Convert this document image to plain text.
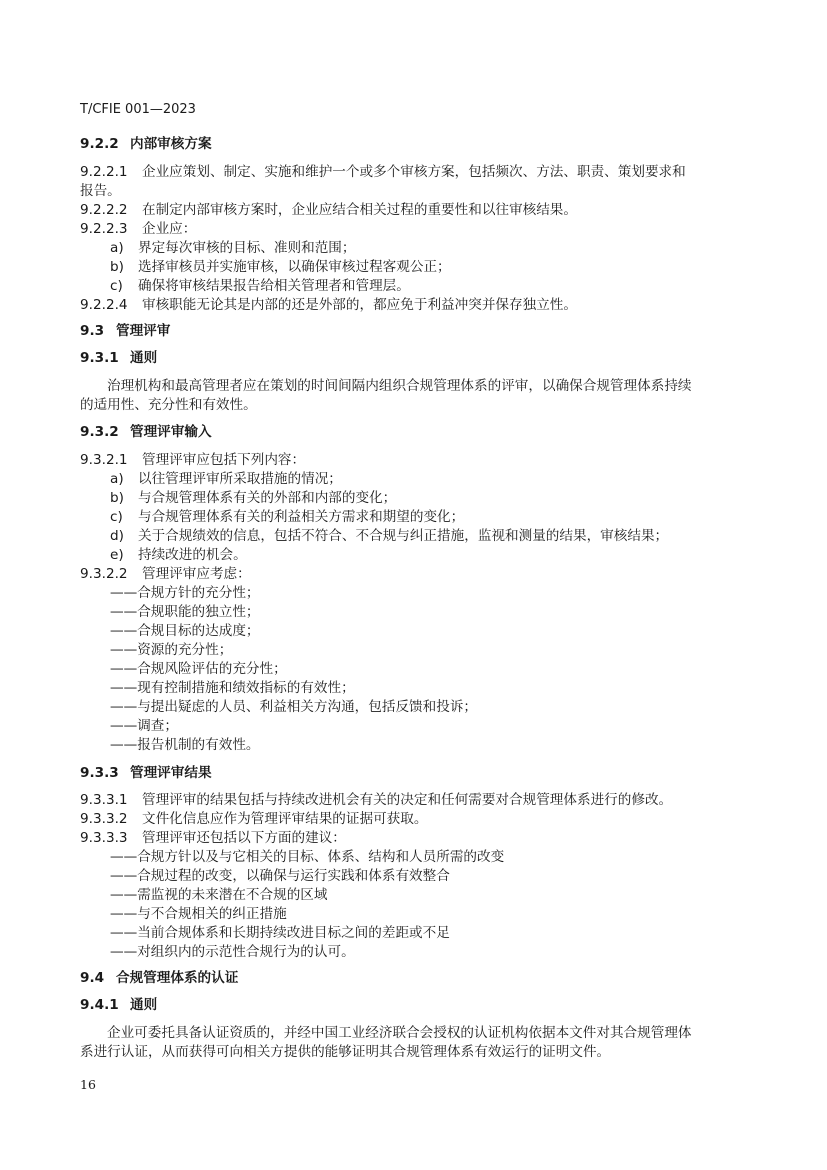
T/CFIE 001—2023
9.2.2 内部审核方案
9.2.2.1 企业应策划、制定、实施和维护一个或多个审核方案，包括频次、方法、职责、策划要求和
报告。
9.2.2.2 在制定内部审核方案时，企业应结合相关过程的重要性和以往审核结果。
9.2.2.3 企业应：
a) 界定每次审核的目标、准则和范围；
b) 选择审核员并实施审核，以确保审核过程客观公正；
c) 确保将审核结果报告给相关管理者和管理层。
9.2.2.4 审核职能无论其是内部的还是外部的，都应免于利益冲突并保存独立性。
9.3 管理评审
9.3.1 通则
治理机构和最高管理者应在策划的时间间隔内组织合规管理体系的评审，以确保合规管理体系持续
的适用性、充分性和有效性。
9.3.2 管理评审输入
9.3.2.1 管理评审应包括下列内容：
a) 以往管理评审所采取措施的情况；
b) 与合规管理体系有关的外部和内部的变化；
c) 与合规管理体系有关的利益相关方需求和期望的变化；
d) 关于合规绩效的信息，包括不符合、不合规与纠正措施，监视和测量的结果，审核结果；
e) 持续改进的机会。
9.3.2.2 管理评审应考虑：
——合规方针的充分性；
——合规职能的独立性；
——合规目标的达成度；
——资源的充分性；
——合规风险评估的充分性；
——现有控制措施和绩效指标的有效性；
——与提出疑虑的人员、利益相关方沟通，包括反馈和投诉；
——调查；
——报告机制的有效性。
9.3.3 管理评审结果
9.3.3.1 管理评审的结果包括与持续改进机会有关的决定和任何需要对合规管理体系进行的修改。
9.3.3.2 文件化信息应作为管理评审结果的证据可获取。
9.3.3.3 管理评审还包括以下方面的建议：
——合规方针以及与它相关的目标、体系、结构和人员所需的改变
——合规过程的改变，以确保与运行实践和体系有效整合
——需监视的未来潜在不合规的区域
——与不合规相关的纠正措施
——当前合规体系和长期持续改进目标之间的差距或不足
——对组织内的示范性合规行为的认可。
9.4 合规管理体系的认证
9.4.1 通则
企业可委托具备认证资质的，并经中国工业经济联合会授权的认证机构依据本文件对其合规管理体
系进行认证，从而获得可向相关方提供的能够证明其合规管理体系有效运行的证明文件。
16
